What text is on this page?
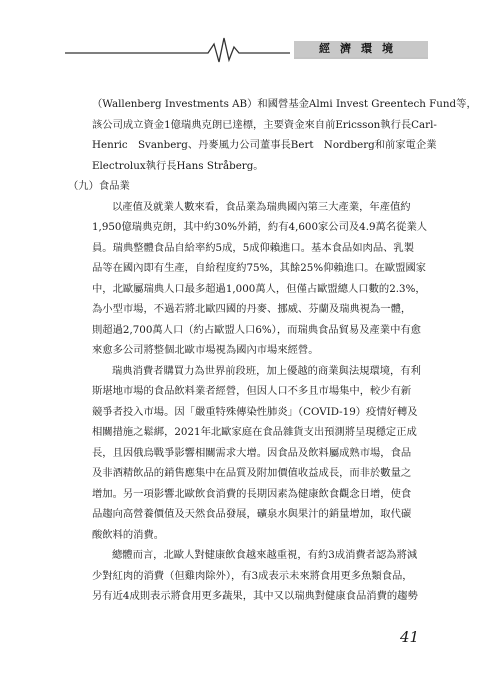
經濟環境

（Wallenberg Investments AB）和國營基金Almi Invest Greentech Fund等，

該公司成立資金1億瑞典克朗已達標，主要資金來自前Ericsson執行長Carl-

Henric　Svanberg、丹麥風力公司董事長Bert　Nordberg和前家電企業

Electrolux執行長Hans Stråberg。

（九）食品業

以產值及就業人數來看，食品業為瑞典國內第三大產業，年產值約

1,950億瑞典克朗，其中約30%外銷，約有4,600家公司及4.9萬名從業人

員。瑞典整體食品自給率約5成，5成仰賴進口。基本食品如肉品、乳製

品等在國內即有生產，自給程度約75%，其餘25%仰賴進口。在歐盟國家

中，北歐屬瑞典人口最多超過1,000萬人，但僅占歐盟總人口數的2.3%，

為小型市場，不過若將北歐四國的丹麥、挪威、芬蘭及瑞典視為一體，

則超過2,700萬人口（約占歐盟人口6%），而瑞典食品貿易及產業中有愈

來愈多公司將整個北歐市場視為國內市場來經營。

瑞典消費者購買力為世界前段班，加上優越的商業與法規環境，有利

斯堪地市場的食品飲料業者經營，但因人口不多且市場集中，較少有新

競爭者投入市場。因「嚴重特殊傳染性肺炎」（COVID-19）疫情好轉及

相關措施之鬆綁，2021年北歐家庭在食品雜貨支出預測將呈現穩定正成

長，且因俄烏戰爭影響相關需求大增。因食品及飲料屬成熟市場，食品

及非酒精飲品的銷售應集中在品質及附加價值收益成長，而非於數量之

增加。另一項影響北歐飲食消費的長期因素為健康飲食觀念日增，使食

品趨向高營養價值及天然食品發展，礦泉水與果汁的銷量增加，取代碳

酸飲料的消費。

總體而言，北歐人對健康飲食越來越重視，有約3成消費者認為將減

少對紅肉的消費（但雞肉除外），有3成表示未來將食用更多魚類食品，

另有近4成則表示將食用更多蔬果，其中又以瑞典對健康食品消費的趨勢

41
